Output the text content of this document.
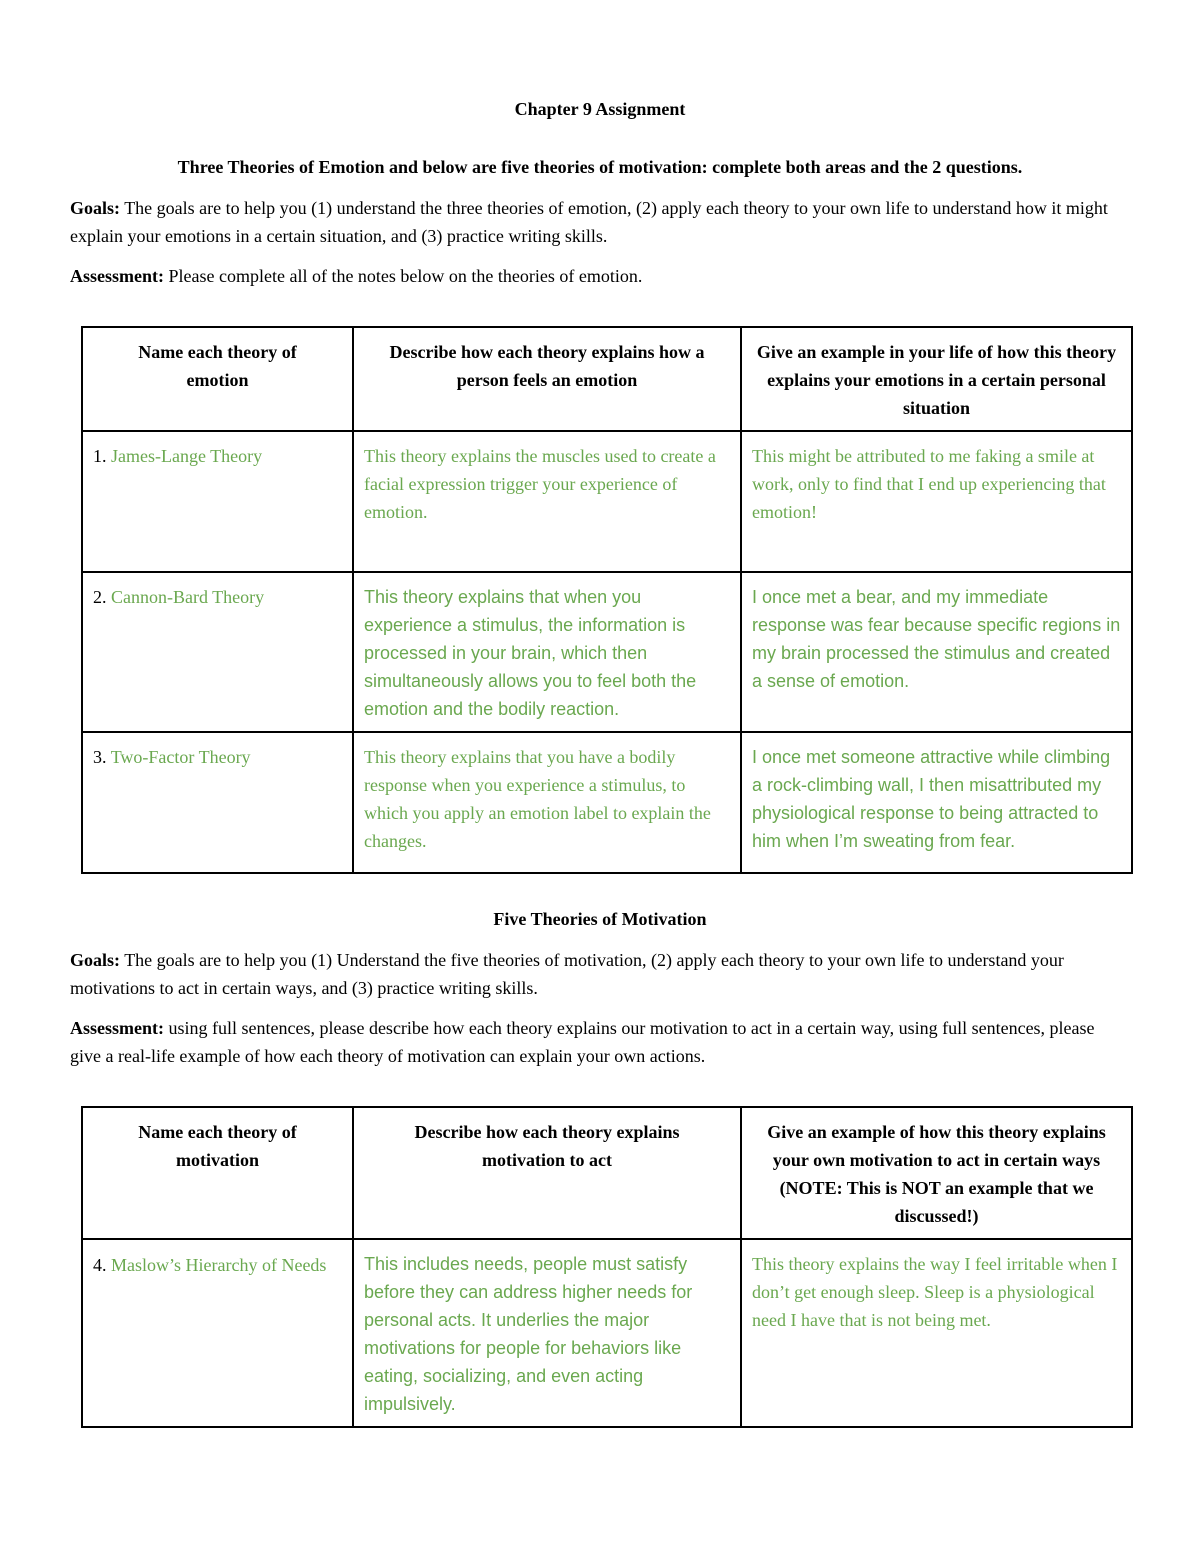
Chapter 9 Assignment
Three Theories of Emotion and below are five theories of motivation: complete both areas and the 2 questions.

Goals: The goals are to help you (1) understand the three theories of emotion, (2) apply each theory to your own life to understand how it might explain your emotions in a certain situation, and (3) practice writing skills.

Assessment: Please complete all of the notes below on the theories of emotion.

Name each theory of emotion	Describe how each theory explains how a person feels an emotion	Give an example in your life of how this theory explains your emotions in a certain personal situation
1. James-Lange Theory	This theory explains the muscles used to create a facial expression trigger your experience of emotion.	This might be attributed to me faking a smile at work, only to find that I end up experiencing that emotion!
2. Cannon-Bard Theory	This theory explains that when you experience a stimulus, the information is processed in your brain, which then simultaneously allows you to feel both the emotion and the bodily reaction.	I once met a bear, and my immediate response was fear because specific regions in my brain processed the stimulus and created a sense of emotion.
3. Two-Factor Theory	This theory explains that you have a bodily response when you experience a stimulus, to which you apply an emotion label to explain the changes.	I once met someone attractive while climbing a rock-climbing wall, I then misattributed my physiological response to being attracted to him when I’m sweating from fear.
Five Theories of Motivation

Goals: The goals are to help you (1) Understand the five theories of motivation, (2) apply each theory to your own life to understand your motivations to act in certain ways, and (3) practice writing skills.

Assessment: using full sentences, please describe how each theory explains our motivation to act in a certain way, using full sentences, please give a real-life example of how each theory of motivation can explain your own actions.

Name each theory of motivation	Describe how each theory explains motivation to act	Give an example of how this theory explains your own motivation to act in certain ways (NOTE: This is NOT an example that we discussed!)
4. Maslow’s Hierarchy of Needs	This includes needs, people must satisfy before they can address higher needs for personal acts. It underlies the major motivations for people for behaviors like eating, socializing, and even acting impulsively.	This theory explains the way I feel irritable when I don’t get enough sleep. Sleep is a physiological need I have that is not being met.
